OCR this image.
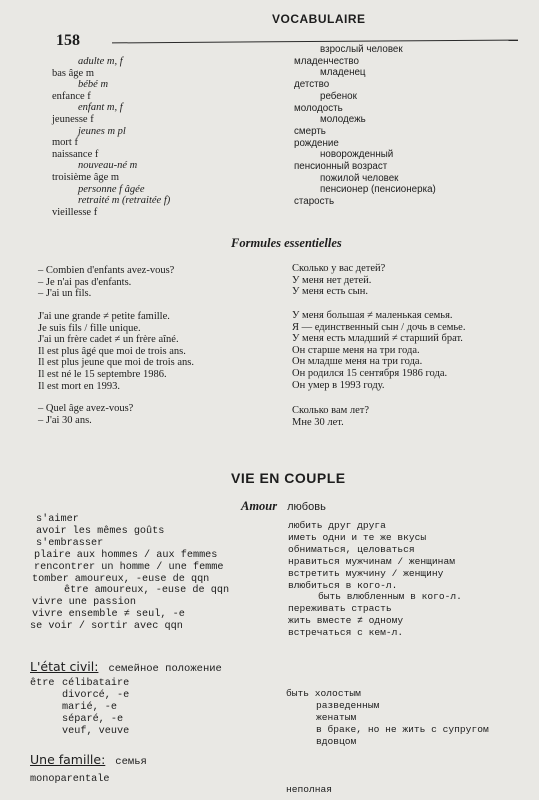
158
VOCABULAIRE
adulte m, f
bas âge m
bébé m
enfance f
enfant m, f
jeunesse f
jeunes m pl
mort f
naissance f
nouveau-né m
troisième âge m
personne f âgée
retraité m (retraitée f)
vieillesse f
взрослый человек
младенчество
младенец
детство
ребенок
молодость
молодежь
смерть
рождение
новорожденный
пенсионный возраст
пожилой человек
пенсионер (пенсионерка)
старость
Formules essentielles
– Combien d'enfants avez-vous?
– Je n'ai pas d'enfants.
– J'ai un fils.
Сколько у вас детей?
У меня нет детей.
У меня есть сын.
J'ai une grande ≠ petite famille.
Je suis fils / fille unique.
J'ai un frère cadet ≠ un frère aîné.
Il est plus âgé que moi de trois ans.
Il est plus jeune que moi de trois ans.
Il est né le 15 septembre 1986.
Il est mort en 1993.
У меня большая ≠ маленькая семья.
Я — единственный сын / дочь в семье.
У меня есть младший ≠ старший брат.
Он старше меня на три года.
Он младше меня на три года.
Он родился 15 сентября 1986 года.
Он умер в 1993 году.
– Quel âge avez-vous?
– J'ai 30 ans.
Сколько вам лет?
Мне 30 лет.
VIE EN COUPLE
Amour любовь
s'aimer
avoir les mêmes goûts
s'embrasser
plaire aux hommes / aux femmes
rencontrer un homme / une femme
tomber amoureux, -euse de qqn
être amoureux, -euse de qqn
vivre une passion
vivre ensemble ≠ seul, -e
se voir / sortir avec qqn
любить друг друга
иметь одни и те же вкусы
обниматься, целоваться
нравиться мужчинам / женщинам
встретить мужчину / женщину
влюбиться в кого-л.
быть влюбленным в кого-л.
переживать страсть
жить вместе ≠ одному
встречаться с кем-л.
L'état civil: семейное положение
être célibataire
divorcé, -e
marié, -e
séparé, -e
veuf, veuve
быть холостым
разведенным
женатым
в браке, но не жить с супругом
вдовцом
Une famille: семья
monoparentale
неполная
